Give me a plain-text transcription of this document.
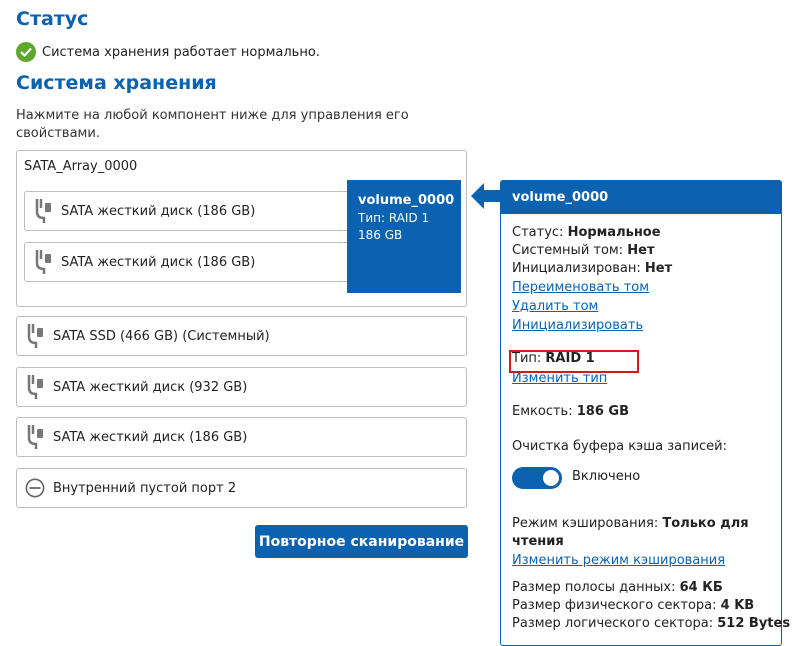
Статус
Система хранения работает нормально.
Система хранения
Нажмите на любой компонент ниже для управления его свойствами.
SATA_Array_0000
SATA жесткий диск (186 GB)
SATA жесткий диск (186 GB)
volume_0000
Тип: RAID 1
186 GB
SATA SSD (466 GB) (Системный)
SATA жесткий диск (932 GB)
SATA жесткий диск (186 GB)
Внутренний пустой порт 2
Повторное сканирование
volume_0000
Статус: Нормальное
Системный том: Нет
Инициализирован: Нет
Переименовать том
Удалить том
Инициализировать
Тип: RAID 1
Изменить тип
Емкость: 186 GB
Очистка буфера кэша записей:
Включено
Режим кэширования: Только для
чтения
Изменить режим кэширования
Размер полосы данных: 64 КБ
Размер физического сектора: 4 KB
Размер логического сектора: 512 Bytes
